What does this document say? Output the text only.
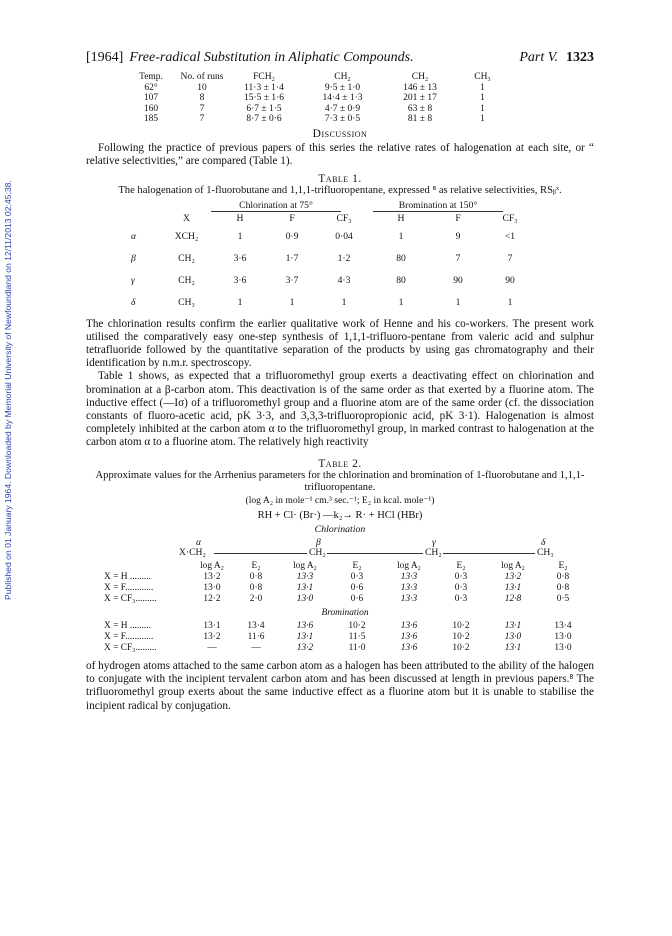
Published on 01 January 1964. Downloaded by Memorial University of Newfoundland on 12/11/2013 02:45:38.
[1964] Free-radical Substitution in Aliphatic Compounds.	Part V. 1323
Temp.	No. of runs	FCH₂	CH₂	CH₂	CH₃
62°	10	11·3 ± 1·4	9·5 ± 1·0	146 ± 13	1
107	8	15·5 ± 1·6	14·4 ± 1·3	201 ± 17	1
160	7	6·7 ± 1·5	4·7 ± 0·9	63 ± 8	1
185	7	8·7 ± 0·6	7·3 ± 0·5	81 ± 8	1
Discussion

Following the practice of previous papers of this series the relative rates of halogenation at each site, or “ relative selectivities,” are compared (Table 1).

Table 1.
The halogenation of 1-fluorobutane and 1,1,1-trifluoropentane, expressed ⁸ as relative selectivities, RSᵦˣ.
Chlorination at 75°	Bromination at 150°
	X	H	F	CF₃	H	F	CF₃
α	XCH₂	1	0·9	0·04	1	9	<1
β	CH₂	3·6	1·7	1·2	80	7	7
γ	CH₂	3·6	3·7	4·3	80	90	90
δ	CH₃	1	1	1	1	1	1

The chlorination results confirm the earlier qualitative work of Henne and his co-workers. The present work utilised the comparatively easy one-step synthesis of 1,1,1-trifluoro-pentane from valeric acid and sulphur tetrafluoride followed by the quantitative separation of the products by using gas chromatography and their identification by n.m.r. spectroscopy.

Table 1 shows, as expected that a trifluoromethyl group exerts a deactivating effect on chlorination and bromination at a β-carbon atom. This deactivation is of the same order as that exerted by a fluorine atom. The inductive effect (—Iσ) of a trifluoromethyl group and a fluorine atom are of the same order (cf. the dissociation constants of fluoro-acetic acid, pK 3·3, and 3,3,3-trifluoropropionic acid, pK 3·1). Halogenation is almost completely inhibited at the carbon atom α to the trifluoromethyl group, in marked contrast to halogenation at the carbon atom α to a fluorine atom. The relatively high reactivity

Table 2.
Approximate values for the Arrhenius parameters for the chlorination and bromination of 1-fluorobutane and 1,1,1-trifluoropentane.
(log A₂ in mole⁻¹ cm.³ sec.⁻¹; E₂ in kcal. mole⁻¹)
RH + Cl· (Br·) —k₂→ R· + HCl (HBr)
Chlorination
α	β	γ	δ
X·CH₂	CH₂	CH₂	CH₃
	log A₂	E₂	log A₂	E₂	log A₂	E₂	log A₂	E₂
X = H .........	13·2	0·8	13·3	0·3	13·3	0·3	13·2	0·8
X = F............	13·0	0·8	13·1	0·6	13·3	0·3	13·1	0·8
X = CF₃.........	12·2	2·0	13·0	0·6	13·3	0·3	12·8	0·5
Bromination								
X = H .........	13·1	13·4	13·6	10·2	13·6	10·2	13·1	13·4
X = F............	13·2	11·6	13·1	11·5	13·6	10·2	13·0	13·0
X = CF₃.........	—	—	13·2	11·0	13·6	10·2	13·1	13·0

of hydrogen atoms attached to the same carbon atom as a halogen has been attributed to the ability of the halogen to conjugate with the incipient tervalent carbon atom and has been discussed at length in previous papers.⁸ The trifluoromethyl group exerts about the same inductive effect as a fluorine atom but it is unable to stabilise the incipient radical by conjugation.
